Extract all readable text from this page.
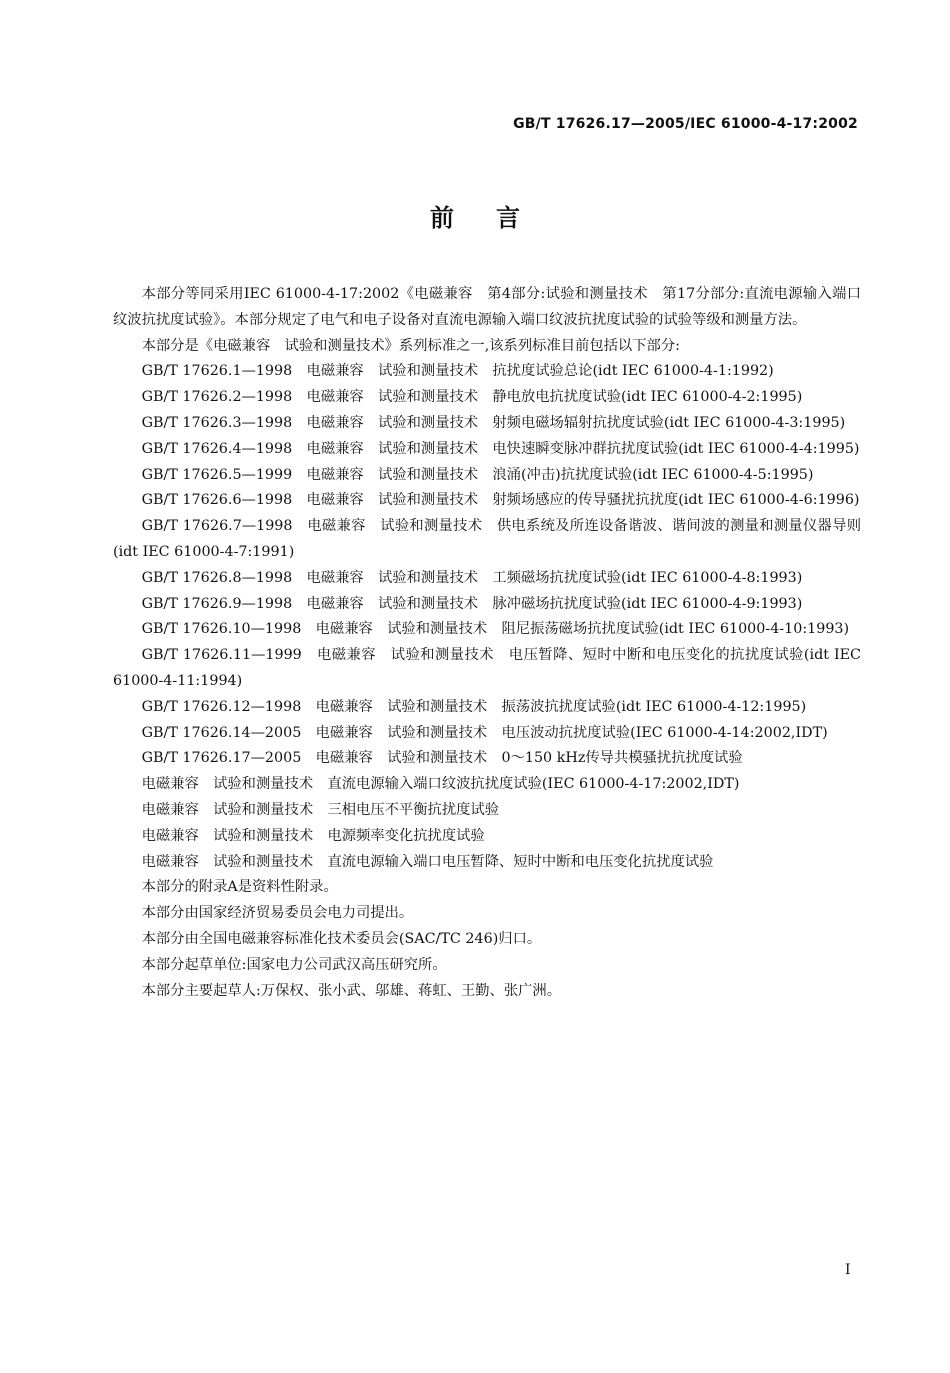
GB/T 17626.17—2005/IEC 61000-4-17:2002
前言

本部分等同采用IEC 61000-4-17:2002《电磁兼容　第4部分:试验和测量技术　第17分部分:直流电源输入端口纹波抗扰度试验》。本部分规定了电气和电子设备对直流电源输入端口纹波抗扰度试验的试验等级和测量方法。

本部分是《电磁兼容　试验和测量技术》系列标准之一,该系列标准目前包括以下部分:

GB/T 17626.1—1998　电磁兼容　试验和测量技术　抗扰度试验总论(idt IEC 61000-4-1:1992)

GB/T 17626.2—1998　电磁兼容　试验和测量技术　静电放电抗扰度试验(idt IEC 61000-4-2:1995)

GB/T 17626.3—1998　电磁兼容　试验和测量技术　射频电磁场辐射抗扰度试验(idt IEC 61000-4-3:1995)

GB/T 17626.4—1998　电磁兼容　试验和测量技术　电快速瞬变脉冲群抗扰度试验(idt IEC 61000-4-4:1995)

GB/T 17626.5—1999　电磁兼容　试验和测量技术　浪涌(冲击)抗扰度试验(idt IEC 61000-4-5:1995)

GB/T 17626.6—1998　电磁兼容　试验和测量技术　射频场感应的传导骚扰抗扰度(idt IEC 61000-4-6:1996)

GB/T 17626.7—1998　电磁兼容　试验和测量技术　供电系统及所连设备谐波、谐间波的测量和测量仪器导则(idt IEC 61000-4-7:1991)

GB/T 17626.8—1998　电磁兼容　试验和测量技术　工频磁场抗扰度试验(idt IEC 61000-4-8:1993)

GB/T 17626.9—1998　电磁兼容　试验和测量技术　脉冲磁场抗扰度试验(idt IEC 61000-4-9:1993)

GB/T 17626.10—1998　电磁兼容　试验和测量技术　阻尼振荡磁场抗扰度试验(idt IEC 61000-4-10:1993)

GB/T 17626.11—1999　电磁兼容　试验和测量技术　电压暂降、短时中断和电压变化的抗扰度试验(idt IEC 61000-4-11:1994)

GB/T 17626.12—1998　电磁兼容　试验和测量技术　振荡波抗扰度试验(idt IEC 61000-4-12:1995)

GB/T 17626.14—2005　电磁兼容　试验和测量技术　电压波动抗扰度试验(IEC 61000-4-14:2002,IDT)

GB/T 17626.17—2005　电磁兼容　试验和测量技术　0～150 kHz传导共模骚扰抗扰度试验

电磁兼容　试验和测量技术　直流电源输入端口纹波抗扰度试验(IEC 61000-4-17:2002,IDT)

电磁兼容　试验和测量技术　三相电压不平衡抗扰度试验

电磁兼容　试验和测量技术　电源频率变化抗扰度试验

电磁兼容　试验和测量技术　直流电源输入端口电压暂降、短时中断和电压变化抗扰度试验

本部分的附录A是资料性附录。

本部分由国家经济贸易委员会电力司提出。

本部分由全国电磁兼容标准化技术委员会(SAC/TC 246)归口。

本部分起草单位:国家电力公司武汉高压研究所。

本部分主要起草人:万保权、张小武、邬雄、蒋虹、王勤、张广洲。

I
